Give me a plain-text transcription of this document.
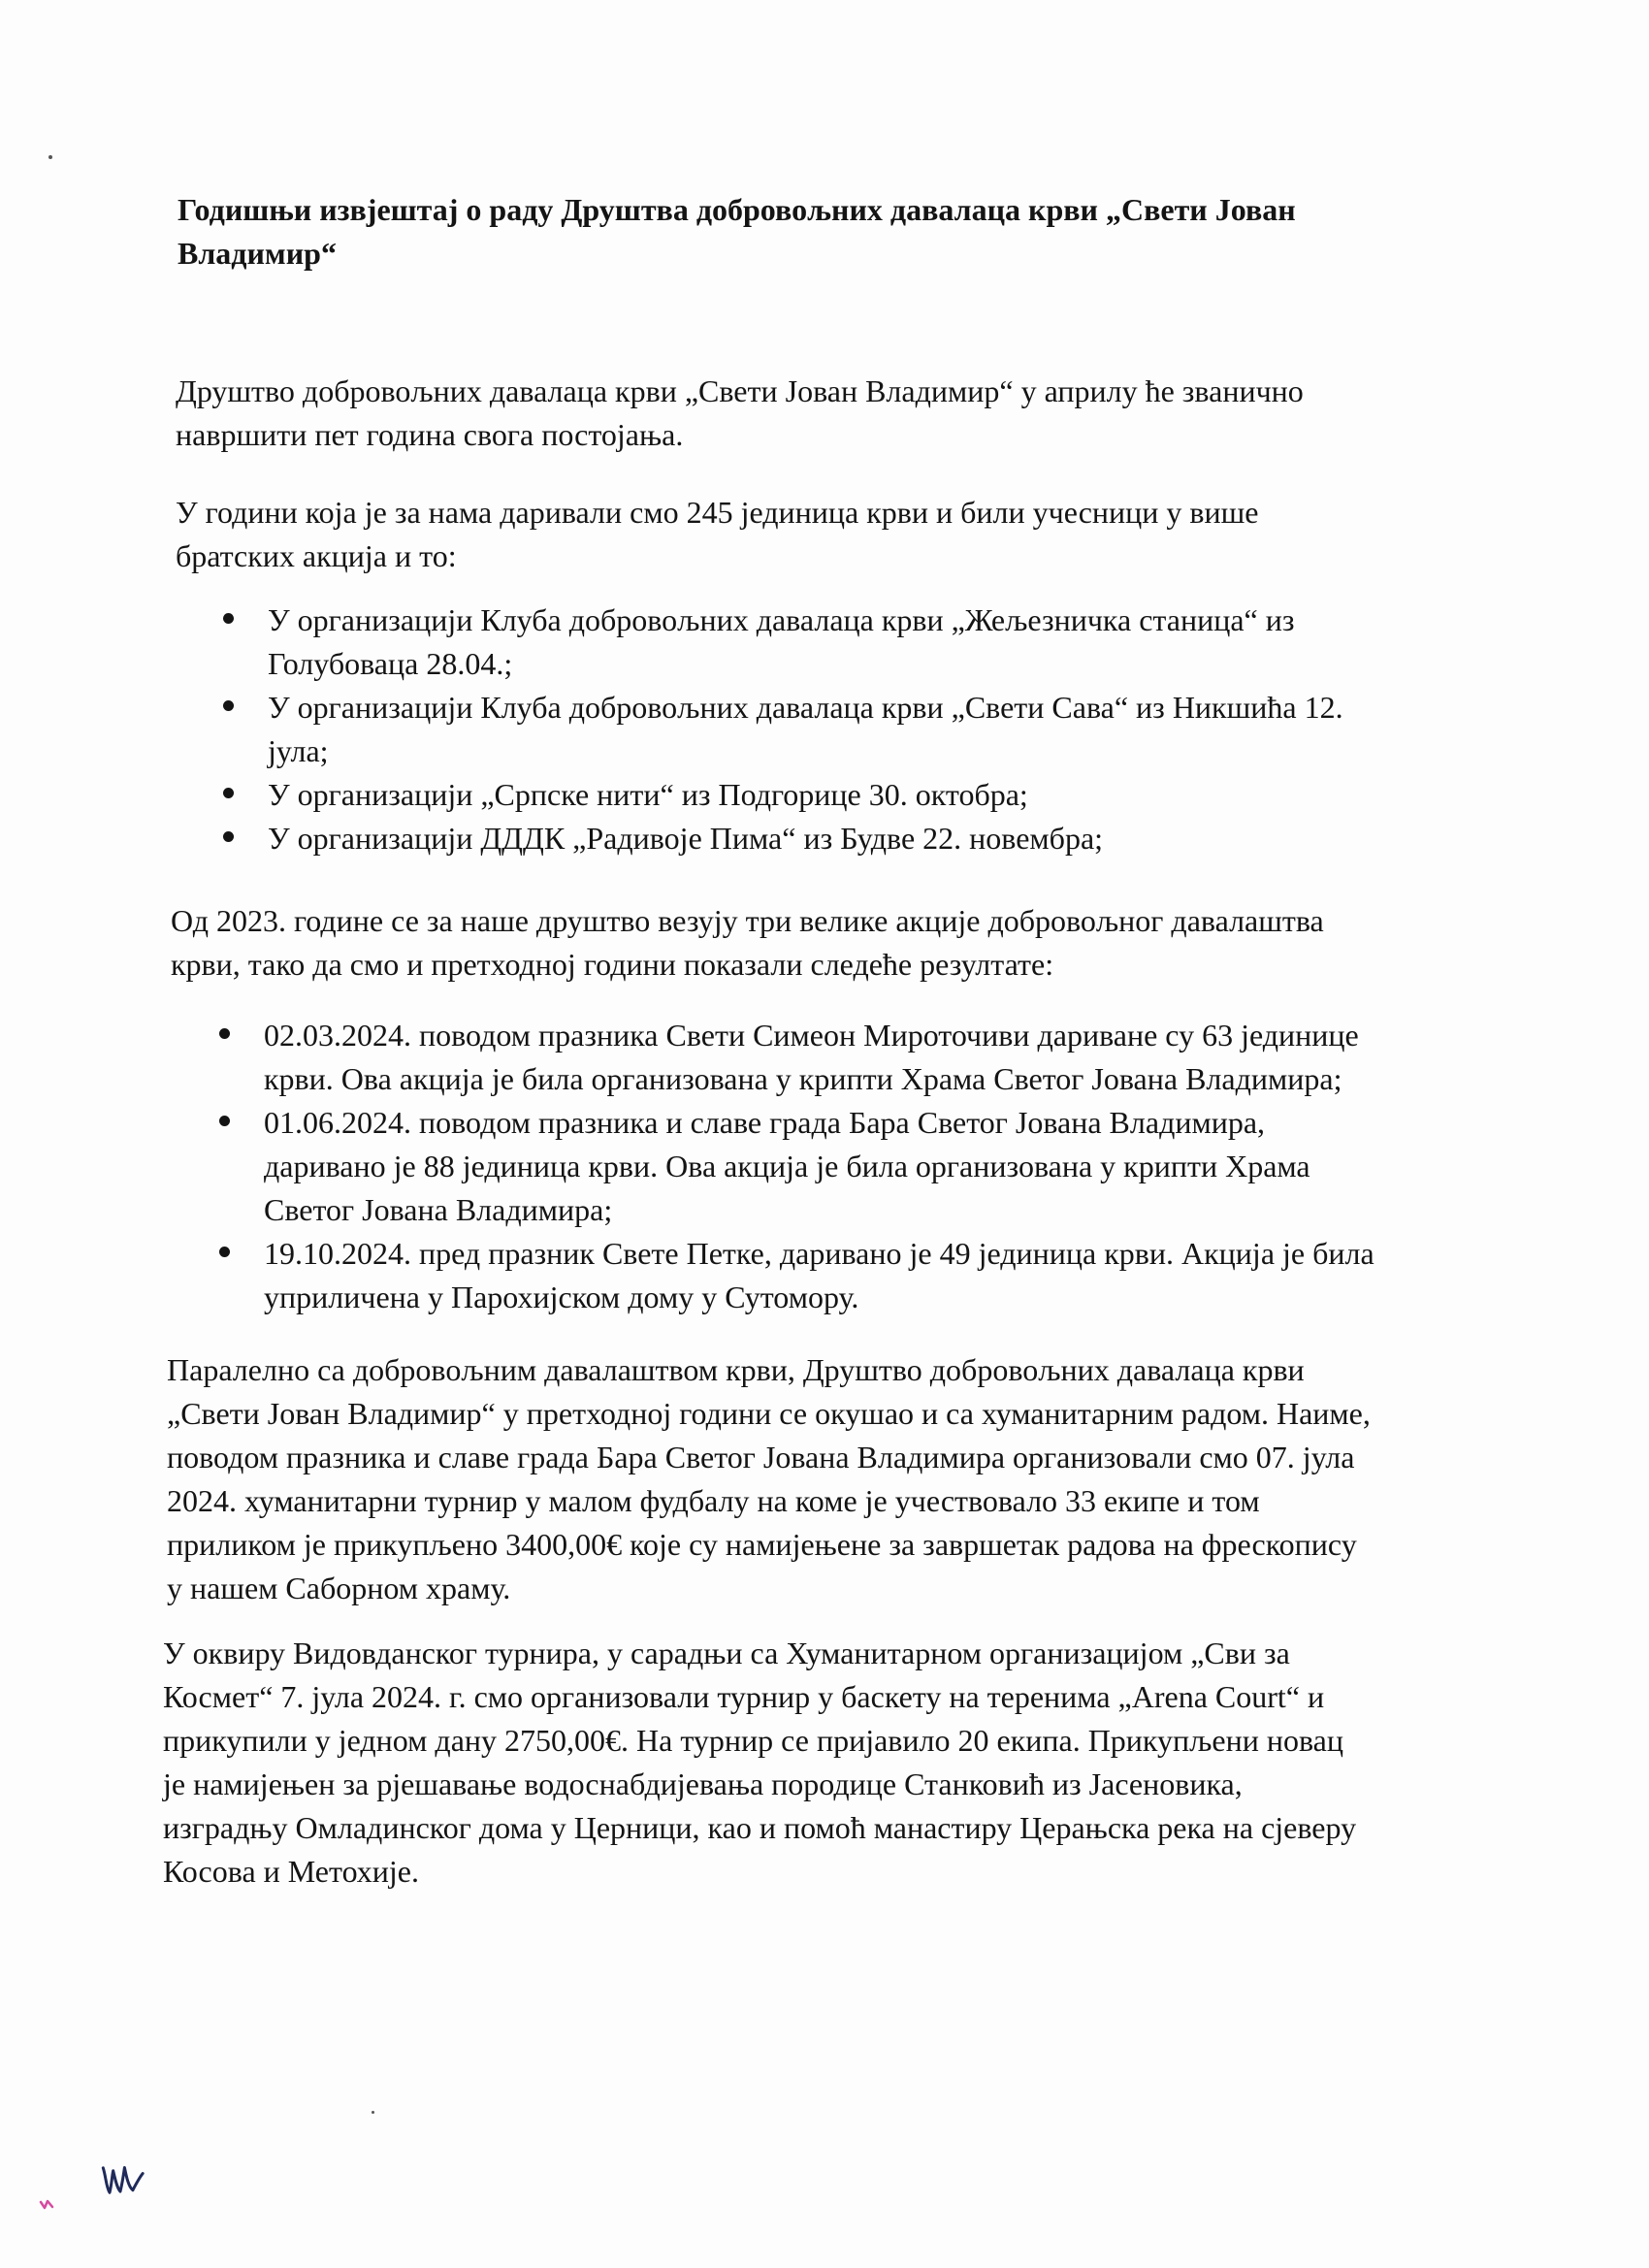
Годишњи извјештај о раду Друштва добровољних давалаца крви „Свети Јован
Владимир“

Друштво добровољних давалаца крви „Свети Јован Владимир“ у априлу ће званично
навршити пет година свога постојања.

У години која је за нама даривали смо 245 јединица крви и били учесници у више
братских акција и то:

У организацији Клуба добровољних давалаца крви „Жељезничка станица“ из
Голубоваца 28.04.;
У организацији Клуба добровољних давалаца крви „Свети Сава“ из Никшића 12.
јула;
У организацији „Српске нити“ из Подгорице 30. октобра;
У организацији ДДДК „Радивоје Пима“ из Будве 22. новембра;

Од 2023. године се за наше друштво везују три велике акције добровољног давалаштва
крви, тако да смо и претходној години показали следеће резултате:

02.03.2024. поводом празника Свети Симеон Мироточиви дариване су 63 јединице
крви. Ова акција је била организована у крипти Храма Светог Јована Владимира;
01.06.2024. поводом празника и славе града Бара Светог Јована Владимира,
даривано је 88 јединица крви. Ова акција је била организована у крипти Храма
Светог Јована Владимира;
19.10.2024. пред празник Свете Петке, даривано је 49 јединица крви. Акција је била
уприличена у Парохијском дому у Сутомору.

Паралелно са добровољним давалаштвом крви, Друштво добровољних давалаца крви
„Свети Јован Владимир“ у претходној години се окушао и са хуманитарним радом. Наиме,
поводом празника и славе града Бара Светог Јована Владимира организовали смо 07. јула
2024. хуманитарни турнир у малом фудбалу на коме је учествовало 33 екипе и том
приликом је прикупљено 3400,00€ које су намијењене за завршетак радова на фрескопису
у нашем Саборном храму.

У оквиру Видовданског турнира, у сарадњи са Хуманитарном организацијом „Сви за
Космет“ 7. јула 2024. г. смо организовали турнир у баскету на теренима „Arena Court“ и
прикупили у једном дану 2750,00€. На турнир се пријавило 20 екипа. Прикупљени новац
је намијењен за рјешавање водоснабдијевања породице Станковић из Јасеновика,
изградњу Омладинског дома у Церници, као и помоћ манастиру Церањска река на сјеверу
Косова и Метохије.
